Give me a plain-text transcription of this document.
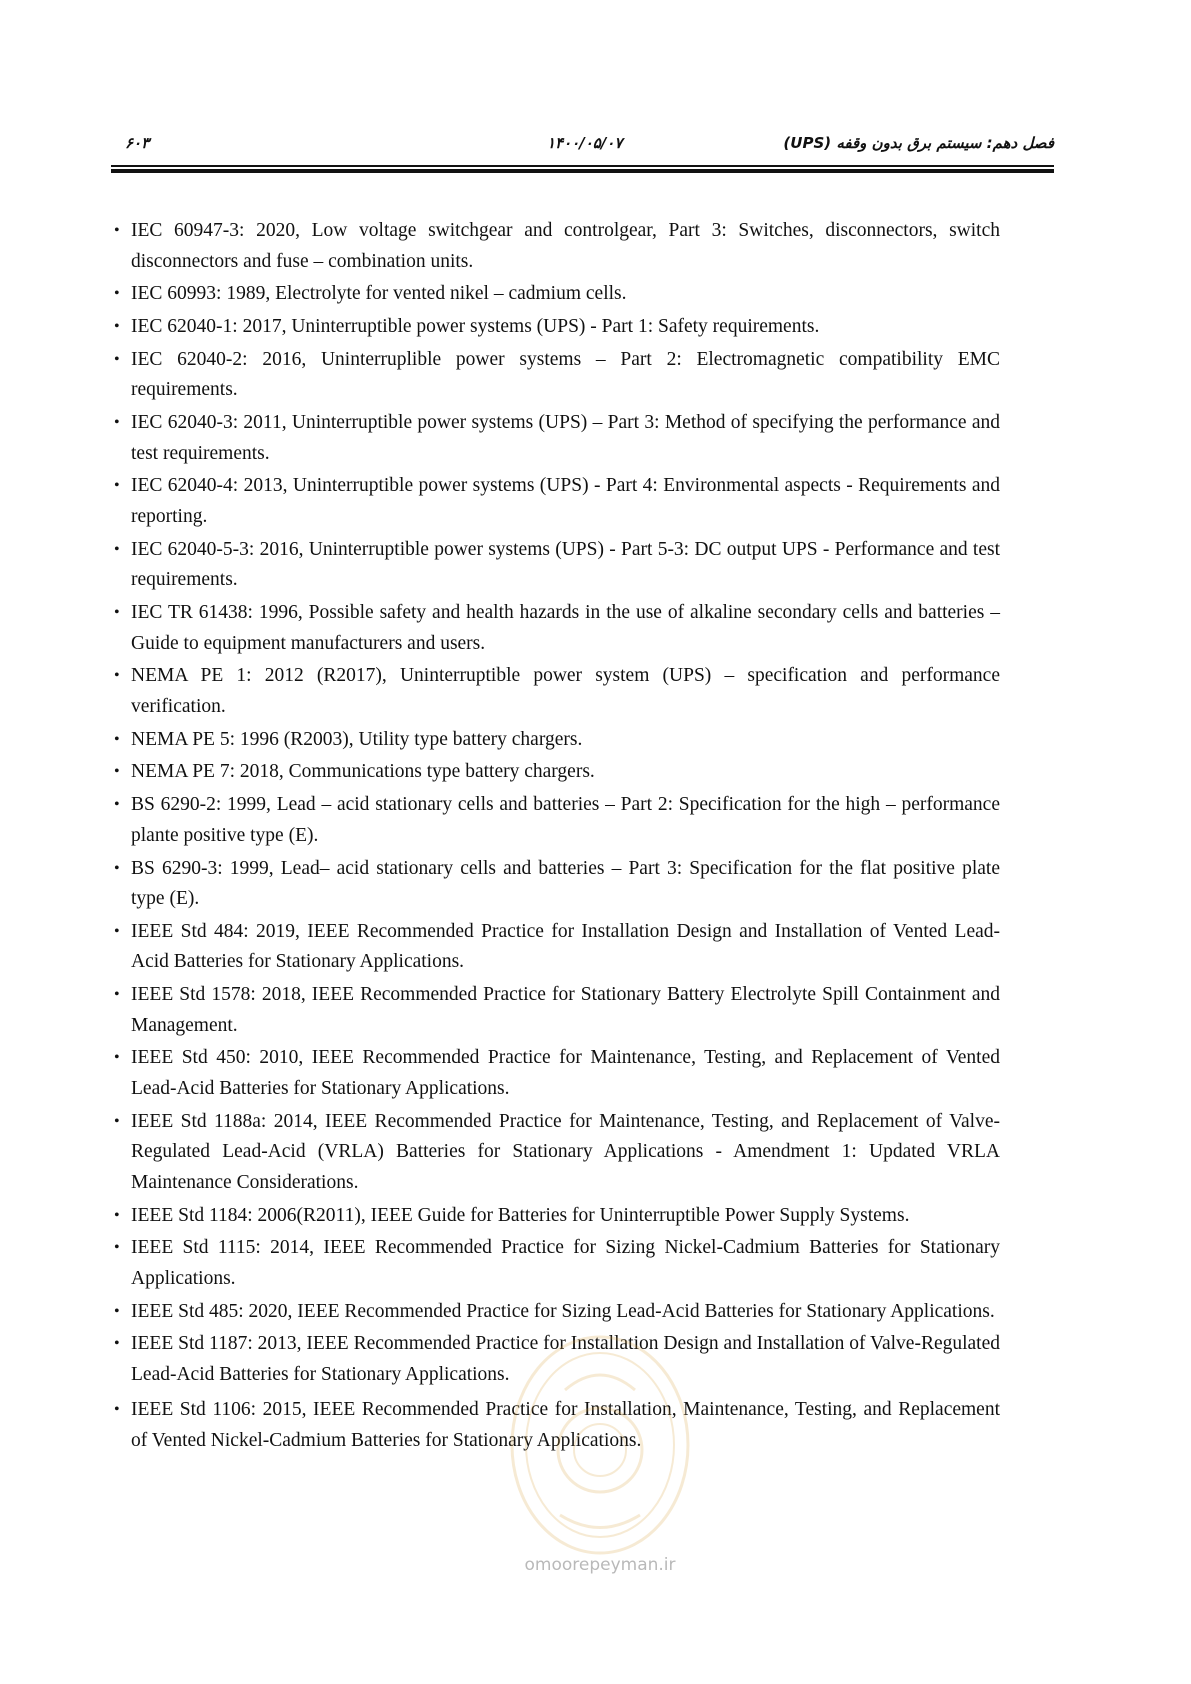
۶۰۳	۱۴۰۰/۰۵/۰۷	فصل دهم: سیستم برق بدون وقفه (UPS)
• IEC 60947-3: 2020, Low voltage switchgear and controlgear, Part 3: Switches, disconnectors, switch disconnectors and fuse – combination units.
• IEC 60993: 1989, Electrolyte for vented nikel – cadmium cells.
• IEC 62040-1: 2017, Uninterruptible power systems (UPS) - Part 1: Safety requirements.
• IEC 62040-2: 2016, Uninterruplible power systems – Part 2: Electromagnetic compatibility EMC requirements.
• IEC 62040-3: 2011, Uninterruptible power systems (UPS) – Part 3: Method of specifying the performance and test requirements.
• IEC 62040-4: 2013, Uninterruptible power systems (UPS) - Part 4: Environmental aspects - Requirements and reporting.
• IEC 62040-5-3: 2016, Uninterruptible power systems (UPS) - Part 5-3: DC output UPS - Performance and test requirements.
• IEC TR 61438: 1996, Possible safety and health hazards in the use of alkaline secondary cells and batteries – Guide to equipment manufacturers and users.
• NEMA PE 1: 2012 (R2017), Uninterruptible power system (UPS) – specification and performance verification.
• NEMA PE 5: 1996 (R2003), Utility type battery chargers.
• NEMA PE 7: 2018, Communications type battery chargers.
• BS 6290-2: 1999, Lead – acid stationary cells and batteries – Part 2: Specification for the high – performance plante positive type (E).
• BS 6290-3: 1999, Lead– acid stationary cells and batteries – Part 3: Specification for the flat positive plate type (E).
• IEEE Std 484: 2019, IEEE Recommended Practice for Installation Design and Installation of Vented Lead-Acid Batteries for Stationary Applications.
• IEEE Std 1578: 2018, IEEE Recommended Practice for Stationary Battery Electrolyte Spill Containment and Management.
• IEEE Std 450: 2010, IEEE Recommended Practice for Maintenance, Testing, and Replacement of Vented Lead-Acid Batteries for Stationary Applications.
• IEEE Std 1188a: 2014, IEEE Recommended Practice for Maintenance, Testing, and Replacement of Valve-Regulated Lead-Acid (VRLA) Batteries for Stationary Applications - Amendment 1: Updated VRLA Maintenance Considerations.
• IEEE Std 1184: 2006(R2011), IEEE Guide for Batteries for Uninterruptible Power Supply Systems.
• IEEE Std 1115: 2014, IEEE Recommended Practice for Sizing Nickel-Cadmium Batteries for Stationary Applications.
• IEEE Std 485: 2020, IEEE Recommended Practice for Sizing Lead-Acid Batteries for Stationary Applications.
• IEEE Std 1187: 2013, IEEE Recommended Practice for Installation Design and Installation of Valve-Regulated Lead-Acid Batteries for Stationary Applications.
• IEEE Std 1106: 2015, IEEE Recommended Practice for Installation, Maintenance, Testing, and Replacement of Vented Nickel-Cadmium Batteries for Stationary Applications.
omoorepeyman.ir
